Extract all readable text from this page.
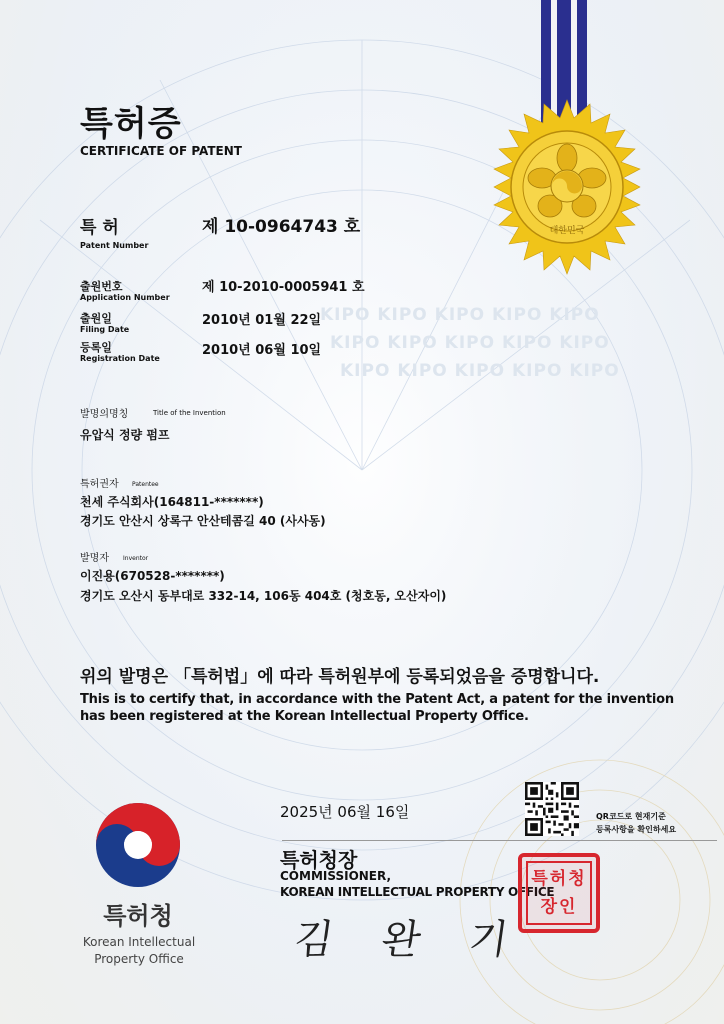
대한민국
특허증
CERTIFICATE OF PATENT
특 허
Patent Number
제 10-0964743 호
출원번호
Application Number
제 10-2010-0005941 호
출원일
Filing Date
2010년 01월 22일
등록일
Registration Date
2010년 06월 10일
KIPO KIPO KIPO KIPO KIPO
KIPO KIPO KIPO KIPO KIPO
KIPO KIPO KIPO KIPO KIPO
발명의명칭	Title of the Invention
유압식 정량 펌프
특허권자 Patentee
천세 주식회사(164811-*******)
경기도 안산시 상록구 안산테콤길 40 (사사동)
발명자 Inventor
이진용(670528-*******)
경기도 오산시 동부대로 332-14, 106동 404호 (청호동, 오산자이)
위의 발명은 「특허법」에 따라 특허원부에 등록되었음을 증명합니다.
This is to certify that, in accordance with the Patent Act, a patent for the invention
has been registered at the Korean Intellectual Property Office.
특허청
Korean Intellectual
Property Office
2025년 06월 16일	QR코드로 현재기준
등록사항을 확인하세요
특허청장
COMMISSIONER,
KOREAN INTELLECTUAL PROPERTY OFFICE
특허청장인
김 완 기
